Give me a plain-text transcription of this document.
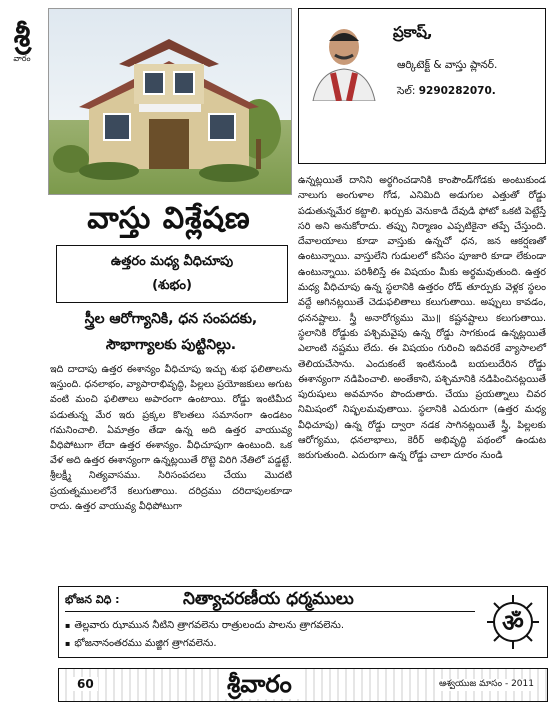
శ్రీ
వారం
వాస్తు విశ్లేషణ
ఉత్తరం మధ్య వీధిచూపు
(శుభం)
స్త్రీల ఆరోగ్యానికి, ధన సంపదకు,
సౌభాగ్యాలకు పుట్టినిల్లు.
ప్రకాష్,
ఆర్కిటెక్ట్ & వాస్తు ప్లానర్.
సెల్: 9290282070.

ఇది దాదాపు ఉత్తర ఈశాన్యం వీధిచూపు ఇచ్చు శుభ ఫలితాలను ఇస్తుంది. ధనలాభం, వ్యాపారాభివృద్ధి, పిల్లలు ప్రయోజకులు అగుట వంటి మంచి ఫలితాలు అపారంగా ఉంటాయి. రోడ్డు ఇంటిమీద పడుతున్న మేర ఇరు ప్రక్కల కొలతలు సమానంగా ఉండటం గమనించాలి. ఏమాత్రం తేడా ఉన్న అది ఉత్తర వాయువ్య వీధిపోటుగా లేదా ఉత్తర ఈశాన్యం. వీధిచూపుగా ఉంటుంది. ఒక వేళ అది ఉత్తర ఈశాన్యంగా ఉన్నట్లయితే రొట్టె విరిగి నేతిలో పడ్డట్టే. శ్రీలక్ష్మీ నిత్యవాసము. సిరిసంపదలు చేయు మొదటి ప్రయత్నములలోనే కలుగుతాయి. దరిద్రము దరిదాపులకూడా రాదు. ఉత్తర వాయువ్య వీధిపోటుగా

ఉన్నట్లయితే దానిని అర్థగించడానికి కాంపౌండ్‌గోడకు అంటుకుండ నాలుగు అంగుళాల గోడ, ఎనిమిది అడుగుల ఎత్తుతో రోడ్డు పడుతున్నమేర కట్టాలి. ఖర్చుకు వెనుకాడి దేవుడి ఫోటో ఒకటి పెట్టేస్తే సరి అని అనుకోరాదు. తప్పు నిర్మాణం ఎప్పటికైనా తప్పే చేస్తుంది. దేవాలయాలు కూడా వాస్తుకు ఉన్నచో ధన, జన ఆకర్షణతో ఉంటున్నాయి. వాస్తులేని గుడులలో కనీసం పూజారి కూడా లేకుండా ఉంటున్నాయి. పరిశీలిస్తే ఈ విషయం మీకు అర్థమవుతుంది. ఉత్తర మధ్య వీధిచూపు ఉన్న స్థలానికి ఉత్తరం రోడ్ తూర్పుకు వెళ్లక స్థలం వద్దే ఆగినట్లయితే చెడుఫలితాలు కలుగుతాయి. అప్పులు కావడం, ధననష్టాలు. స్త్రీ అనారోగ్యము మొ॥ కష్టనష్టాలు కలుగుతాయి. స్థలానికి రోడ్డుకు పశ్చిమవైపు ఉన్న రోడ్డు సాగకుండ ఉన్నట్లయితే ఎలాంటి నష్టము లేదు. ఈ విషయం గురించి ఇదివరకే వ్యాసాలలో తెలియచేసాను. ఎందుకంటే ఇంటినుండి బయలుదేరిన రోడ్డు ఈశాన్యంగా నడిపించాలి. అంతేకాని, పశ్చిమానికి నడిపించినట్లయితే పురుషులు అవమానం పొందుతారు. చేయు ప్రయత్నాలు చివర నిమిషంలో నిష్ఫలమవుతాయి. స్థలానికి ఎదురుగా (ఉత్తర మధ్య వీధిచూపు) ఉన్న రోడ్డు ద్వారా నడక సాగినట్లయితే స్త్రీ, పిల్లలకు ఆరోగ్యము, ధనలాభాలు, కెరీర్ అభివృద్ధి పథంలో ఉండుట జరుగుతుంది. ఎదురుగా ఉన్న రోడ్డు చాలా దూరం నుండి

భోజన విధి :	నిత్యాచరణీయ ధర్మములు
▪ తెల్లవారు ఝామున నీటిని త్రాగవలెను రాత్రులందు పాలను త్రాగవలెను.
▪ భోజనానంతరము మజ్జిగ త్రాగవలెను.
ॐ
60	శ్రీవారం	ఆశ్వయుజ మాసం - 2011
